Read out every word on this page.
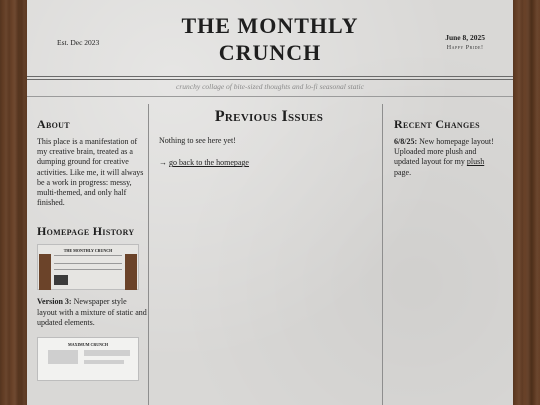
Est. Dec 2023
THE MONTHLY
CRUNCH
June 8, 2025
Happy Pride!
crunchy collage of bite-sized thoughts and lo-fi seasonal static
About

This place is a manifestation of my creative brain, treated as a dumping ground for creative activities. Like me, it will always be a work in progress: messy, multi-themed, and only half finished.

Homepage History
THE MONTHLY CRUNCH

Version 3: Newspaper style layout with a mixture of static and updated elements.

MAXIMUM CRUNCH
Previous Issues

Nothing to see here yet!

→ go back to the homepage

Recent Changes

6/8/25: New homepage layout! Uploaded more plush and updated layout for my plush page.
